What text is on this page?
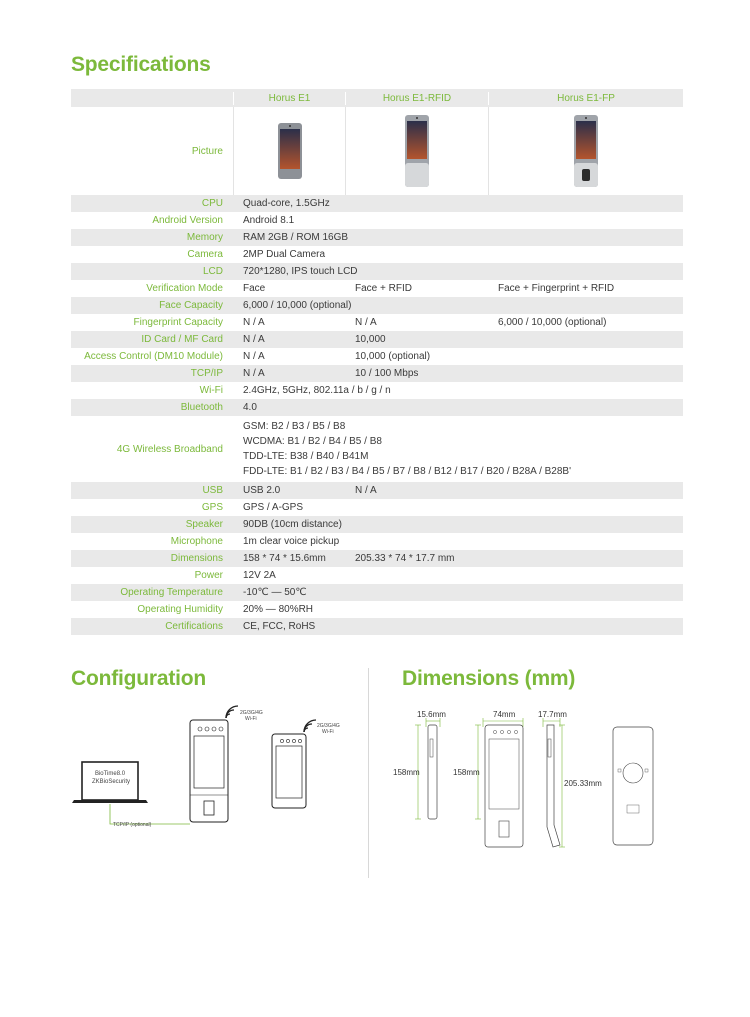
Specifications
Horus E1	Horus E1-RFID	Horus E1-FP
Picture
CPU	Quad-core, 1.5GHz
Android Version	Android 8.1
Memory	RAM 2GB / ROM 16GB
Camera	2MP Dual Camera
LCD	720*1280, IPS touch LCD
Verification Mode	Face	Face + RFID	Face + Fingerprint + RFID
Face Capacity	6,000 / 10,000 (optional)
Fingerprint Capacity	N / A	N / A	6,000 / 10,000 (optional)
ID Card / MF Card	N / A	10,000
Access Control (DM10 Module)	N / A	10,000 (optional)
TCP/IP	N / A	10 / 100 Mbps
Wi-Fi	2.4GHz, 5GHz, 802.11a / b / g / n
Bluetooth	4.0
4G Wireless Broadband
GSM: B2 / B3 / B5 / B8
WCDMA: B1 / B2 / B4 / B5 / B8
TDD-LTE: B38 / B40 / B41M
FDD-LTE: B1 / B2 / B3 / B4 / B5 / B7 / B8 / B12 / B17 / B20 / B28A / B28B'
USB	USB 2.0	N / A
GPS	GPS / A-GPS
Speaker	90DB (10cm distance)
Microphone	1m clear voice pickup
Dimensions	158 * 74 * 15.6mm	205.33 * 74 * 17.7 mm
Power	12V 2A
Operating Temperature	-10℃ — 50℃
Operating Humidity	20% — 80%RH
Certifications	CE, FCC, RoHS
Configuration
BioTime8.0
ZKBioSecurity
TCP/IP (optional)
2G/3G/4G
Wi-Fi
2G/3G/4G
Wi-Fi
Dimensions (mm)
15.6mm	74mm	17.7mm
158mm	158mm
205.33mm
